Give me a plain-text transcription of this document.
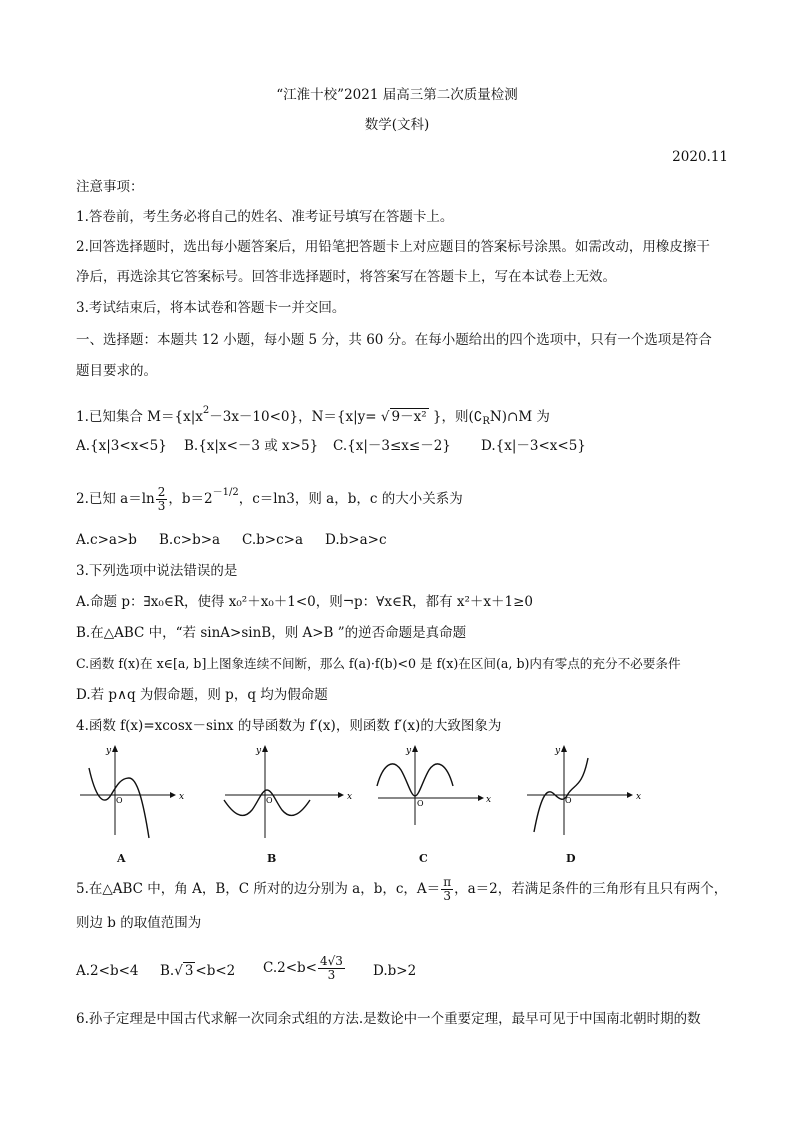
“江淮十校”2021 届高三第二次质量检测
数学(文科)
2020.11
注意事项：
1.答卷前，考生务必将自己的姓名、准考证号填写在答题卡上。
2.回答选择题时，选出每小题答案后，用铅笔把答题卡上对应题目的答案标号涂黑。如需改动，用橡皮擦干
净后，再选涂其它答案标号。回答非选择题时，将答案写在答题卡上，写在本试卷上无效。
3.考试结束后，将本试卷和答题卡一并交回。
一、选择题：本题共 12 小题，每小题 5 分，共 60 分。在每小题给出的四个选项中，只有一个选项是符合
题目要求的。
1.已知集合 $M=\{x|x^2-3x-10<0\}$，N＝{x|y= √ 9－x² }，则$(∁_RN)\cap M$ 为
A.{x|3<x<5} B.{x|x<－3 或 x>5} C.{x|－3≤x≤－2} D.{x|－3<x<5}
2.已知 $a=\ln \frac{2}{3}$ ，$b=2^{-1/2}$，c＝ln3，则 a，b，c 的大小关系为
A.c>a>b B.c>b>a C.b>c>a D.b>a>c
3.下列选项中说法错误的是
A.命题 p：∃x₀∈R，使得 x₀²＋x₀＋1<0，则¬p：∀x∈R，都有 x²＋x＋1≥0
B.在△ABC 中，“若 sinA>sinB，则 A>B ”的逆否命题是真命题
C.函数 f(x)在 x∈[a, b]上图象连续不间断，那么 f(a)·f(b)<0 是 f(x)在区间(a, b)内有零点的充分不必要条件
D.若 p∧q 为假命题，则 p，q 均为假命题
4.函数 f(x)=xcosx－sinx 的导函数为 f′(x)，则函数 f′(x)的大致图象为
x
y
O
A
x
y
O
B
x
y
O
C
x
y
O
D
5.在△ABC 中，角 A，B，C 所对的边分别为 a，b，c，$A= \frac{\pi}{3}$ ，a＝2，若满足条件的三角形有且只有两个，
则边 b 的取值范围为
A.2<b<4 B.√ 3 <b<2 $C.2<b< \frac{4√3}{3} D.b>2$
6.孙子定理是中国古代求解一次同余式组的方法.是数论中一个重要定理，最早可见于中国南北朝时期的数
